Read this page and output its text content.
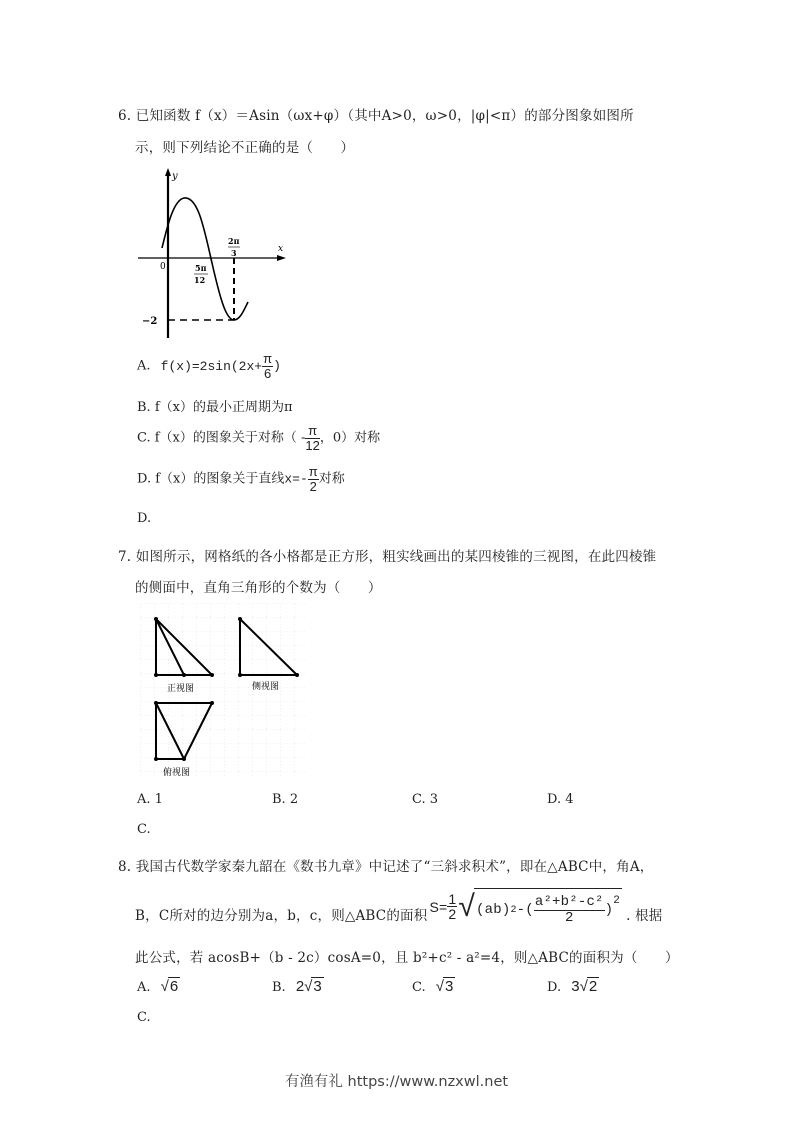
6. 已知函数 f（x）＝Asin（ωx+φ）（其中A>0，ω>0，|φ|<π）的部分图象如图所
示，则下列结论不正确的是（　　）
y
x
0	5π
12
2π
3
−2
A. $f(x)=2\sin(2x+ \frac{\pi}{6}$ )
B. f（x）的最小正周期为π
C. f（x）的图象关于对称（ - $\frac{\pi}{12}$ ，0）对称
D. f（x）的图象关于直线$x=- \frac{\pi}{2}$ 对称
D.
7. 如图所示，网格纸的各小格都是正方形，粗实线画出的某四棱锥的三视图，在此四棱锥
的侧面中，直角三角形的个数为（　　）
正视图	侧视图
俯视图
A. 1	B. 2	C. 3	D. 4
C.
8. 我国古代数学家秦九韶在《数书九章》中记述了“三斜求积术”，即在△ABC中，角A，
B，C所对的边分别为a，b，c，则△ABC的面积
$S= \frac{1}{2}$ √ (ab) 2 -( $\frac{\text{a²+b²-c²}}{2}$ )
$^2$
. 根据
此公式，若 acosB+（b - 2c）cosA=0，且 b²+c² - a²=4，则△ABC的面积为（　　）
A. √6	B. 2√3	C. √3	D. 3√2
C.
有渔有礼 https://www.nzxwl.net
